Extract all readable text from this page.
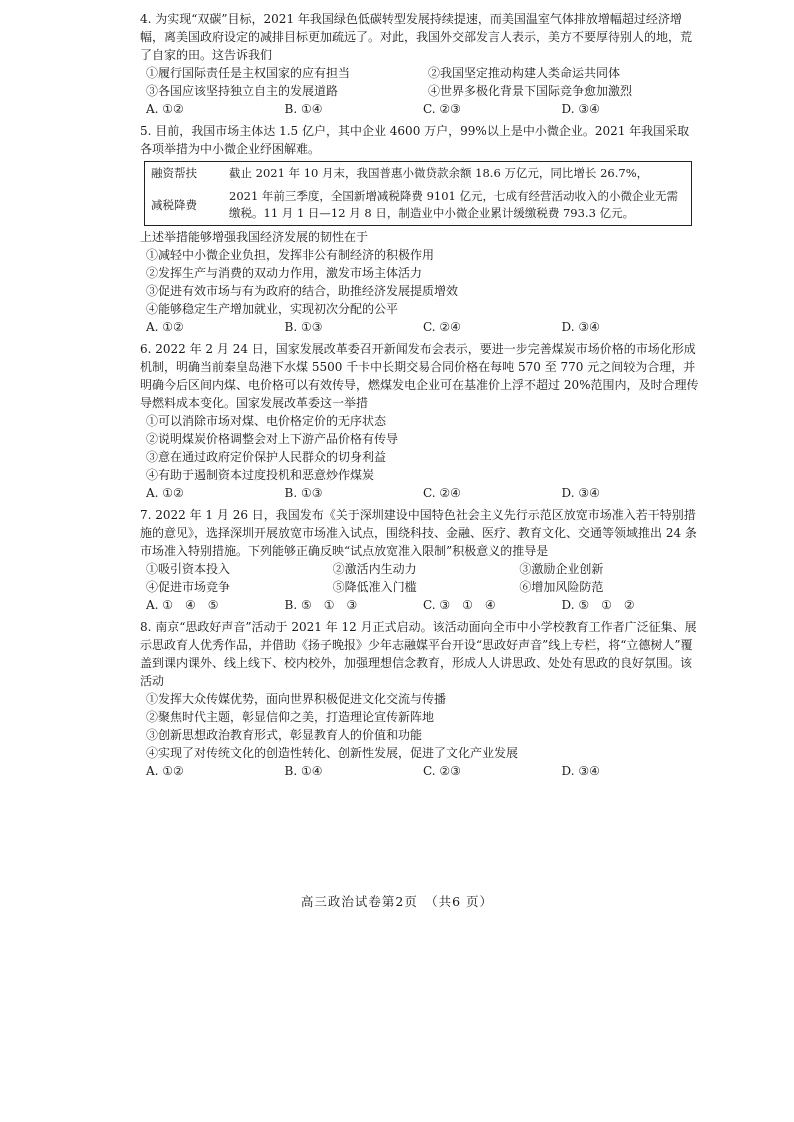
4. 为实现“双碳”目标，2021 年我国绿色低碳转型发展持续提速，而美国温室气体排放增幅超过经济增幅，离美国政府设定的减排目标更加疏远了。对此，我国外交部发言人表示，美方不要厚待别人的地，荒了自家的田。这告诉我们

①履行国际责任是主权国家的应有担当	②我国坚定推动构建人类命运共同体
③各国应该坚持独立自主的发展道路	④世界多极化背景下国际竞争愈加激烈
A. ①②	B. ①④	C. ②③	D. ③④

5. 目前，我国市场主体达 1.5 亿户，其中企业 4600 万户，99%以上是中小微企业。2021 年我国采取各项举措为中小微企业纾困解难。

融资帮扶	截止 2021 年 10 月末，我国普惠小微贷款余额 18.6 万亿元，同比增长 26.7%，
减税降费	2021 年前三季度，全国新增减税降费 9101 亿元，七成有经营活动收入的小微企业无需缴税。11 月 1 日—12 月 8 日，制造业中小微企业累计缓缴税费 793.3 亿元。

上述举措能够增强我国经济发展的韧性在于

①减轻中小微企业负担，发挥非公有制经济的积极作用

②发挥生产与消费的双动力作用，激发市场主体活力

③促进有效市场与有为政府的结合，助推经济发展提质增效

④能够稳定生产增加就业，实现初次分配的公平

A. ①②	B. ①③	C. ②④	D. ③④

6. 2022 年 2 月 24 日，国家发展改革委召开新闻发布会表示，要进一步完善煤炭市场价格的市场化形成机制，明确当前秦皇岛港下水煤 5500 千卡中长期交易合同价格在每吨 570 至 770 元之间较为合理，并明确今后区间内煤、电价格可以有效传导，燃煤发电企业可在基准价上浮不超过 20%范围内，及时合理传导燃料成本变化。国家发展改革委这一举措

①可以消除市场对煤、电价格定价的无序状态

②说明煤炭价格调整会对上下游产品价格有传导

③意在通过政府定价保护人民群众的切身利益

④有助于遏制资本过度投机和恶意炒作煤炭

A. ①②	B. ①③	C. ②④	D. ③④

7. 2022 年 1 月 26 日，我国发布《关于深圳建设中国特色社会主义先行示范区放宽市场准入若干特别措施的意见》，选择深圳开展放宽市场准入试点，围绕科技、金融、医疗、教育文化、交通等领域推出 24 条市场准入特别措施。下列能够正确反映“试点放宽准入限制”积极意义的推导是

①吸引资本投入	②激活内生动力	③激励企业创新
④促进市场竞争	⑤降低准入门槛	⑥增加风险防范
A. ①　④　⑤	B. ⑤　①　③	C. ③　①　④	D. ⑤　①　②

8. 南京“思政好声音”活动于 2021 年 12 月正式启动。该活动面向全市中小学校教育工作者广泛征集、展示思政育人优秀作品，并借助《扬子晚报》少年志融媒平台开设“思政好声音”线上专栏，将“立德树人”覆盖到课内课外、线上线下、校内校外，加强理想信念教育，形成人人讲思政、处处有思政的良好氛围。该活动

①发挥大众传媒优势，面向世界积极促进文化交流与传播

②聚焦时代主题，彰显信仰之美，打造理论宣传新阵地

③创新思想政治教育形式，彰显教育人的价值和功能

④实现了对传统文化的创造性转化、创新性发展，促进了文化产业发展

A. ①②	B. ①④	C. ②③	D. ③④
高三政治试卷第2页　（共6 页）
